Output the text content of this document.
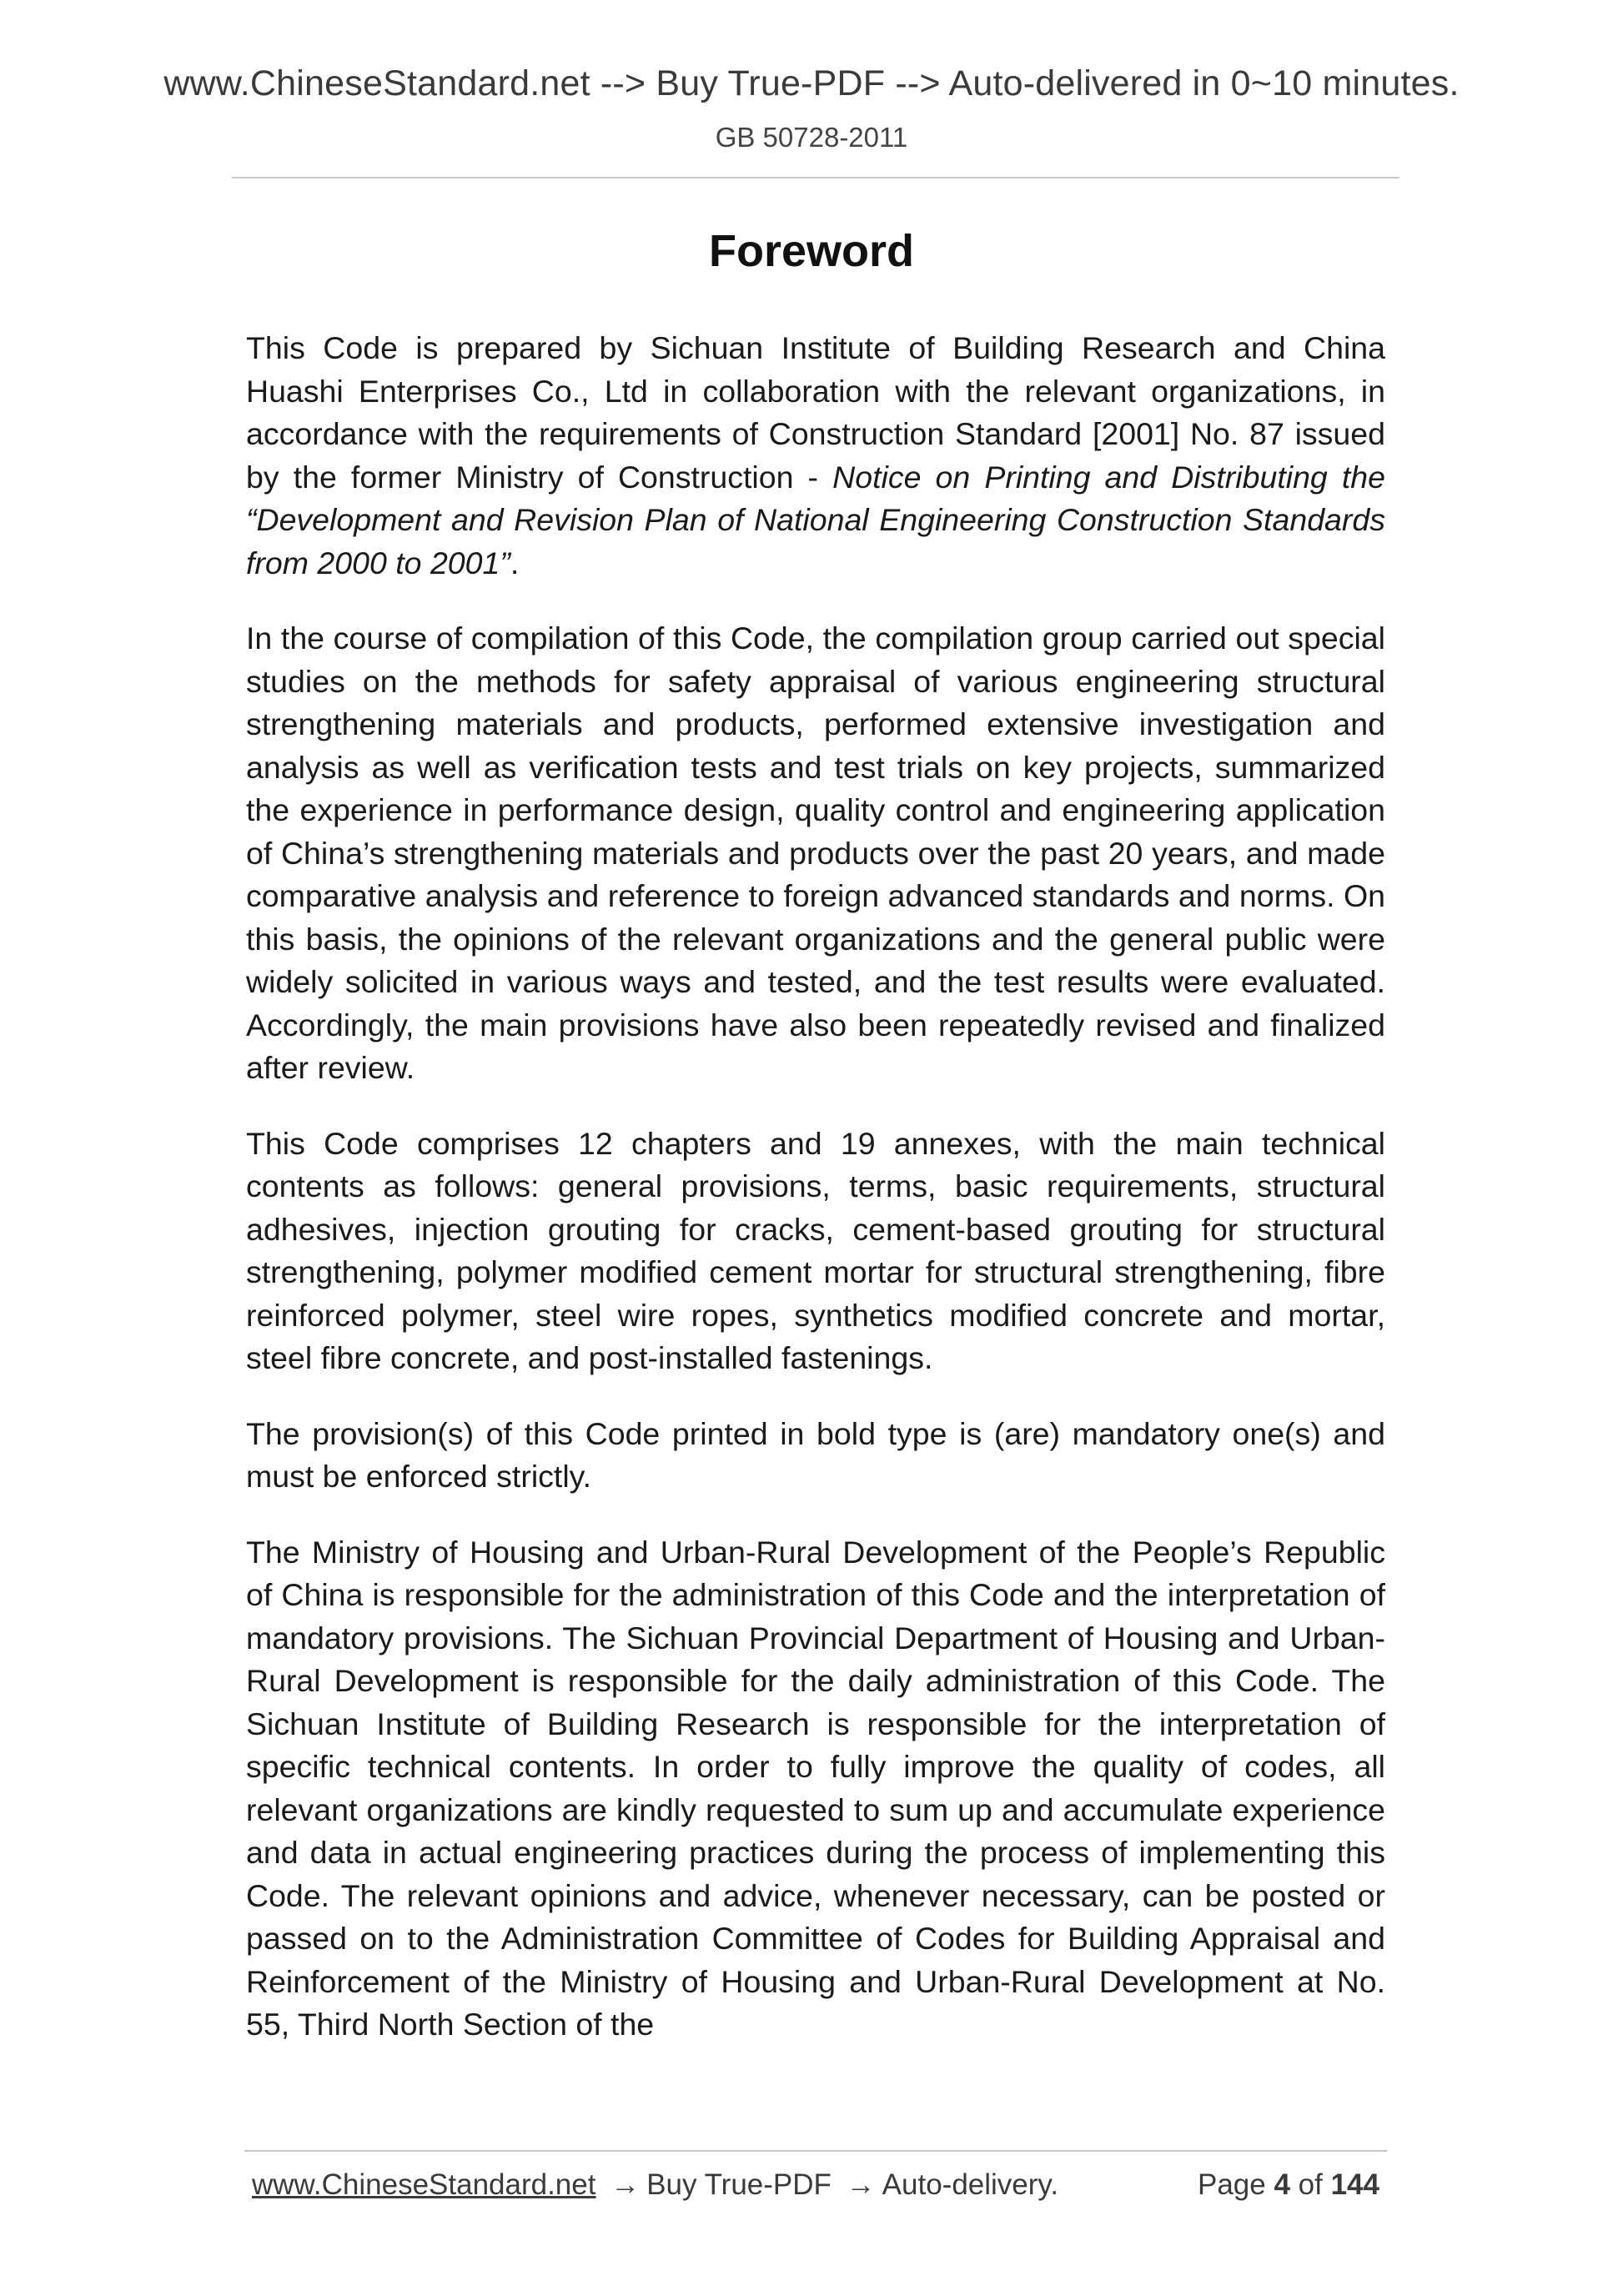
www.ChineseStandard.net --> Buy True-PDF --> Auto-delivered in 0~10 minutes.
GB 50728-2011
Foreword

This Code is prepared by Sichuan Institute of Building Research and China Huashi Enterprises Co., Ltd in collaboration with the relevant organizations, in accordance with the requirements of Construction Standard [2001] No. 87 issued by the former Ministry of Construction - Notice on Printing and Distributing the “Development and Revision Plan of National Engineering Construction Standards from 2000 to 2001”.

In the course of compilation of this Code, the compilation group carried out special studies on the methods for safety appraisal of various engineering structural strengthening materials and products, performed extensive investigation and analysis as well as verification tests and test trials on key projects, summarized the experience in performance design, quality control and engineering application of China’s strengthening materials and products over the past 20 years, and made comparative analysis and reference to foreign advanced standards and norms. On this basis, the opinions of the relevant organizations and the general public were widely solicited in various ways and tested, and the test results were evaluated. Accordingly, the main provisions have also been repeatedly revised and finalized after review.

This Code comprises 12 chapters and 19 annexes, with the main technical contents as follows: general provisions, terms, basic requirements, structural adhesives, injection grouting for cracks, cement-based grouting for structural strengthening, polymer modified cement mortar for structural strengthening, fibre reinforced polymer, steel wire ropes, synthetics modified concrete and mortar, steel fibre concrete, and post-installed fastenings.

The provision(s) of this Code printed in bold type is (are) mandatory one(s) and must be enforced strictly.

The Ministry of Housing and Urban-Rural Development of the People’s Republic of China is responsible for the administration of this Code and the interpretation of mandatory provisions. The Sichuan Provincial Department of Housing and Urban-Rural Development is responsible for the daily administration of this Code. The Sichuan Institute of Building Research is responsible for the interpretation of specific technical contents. In order to fully improve the quality of codes, all relevant organizations are kindly requested to sum up and accumulate experience and data in actual engineering practices during the process of implementing this Code. The relevant opinions and advice, whenever necessary, can be posted or passed on to the Administration Committee of Codes for Building Appraisal and Reinforcement of the Ministry of Housing and Urban-Rural Development at No. 55, Third North Section of the

www.ChineseStandard.net → Buy True-PDF → Auto-delivery.	Page 4 of 144
